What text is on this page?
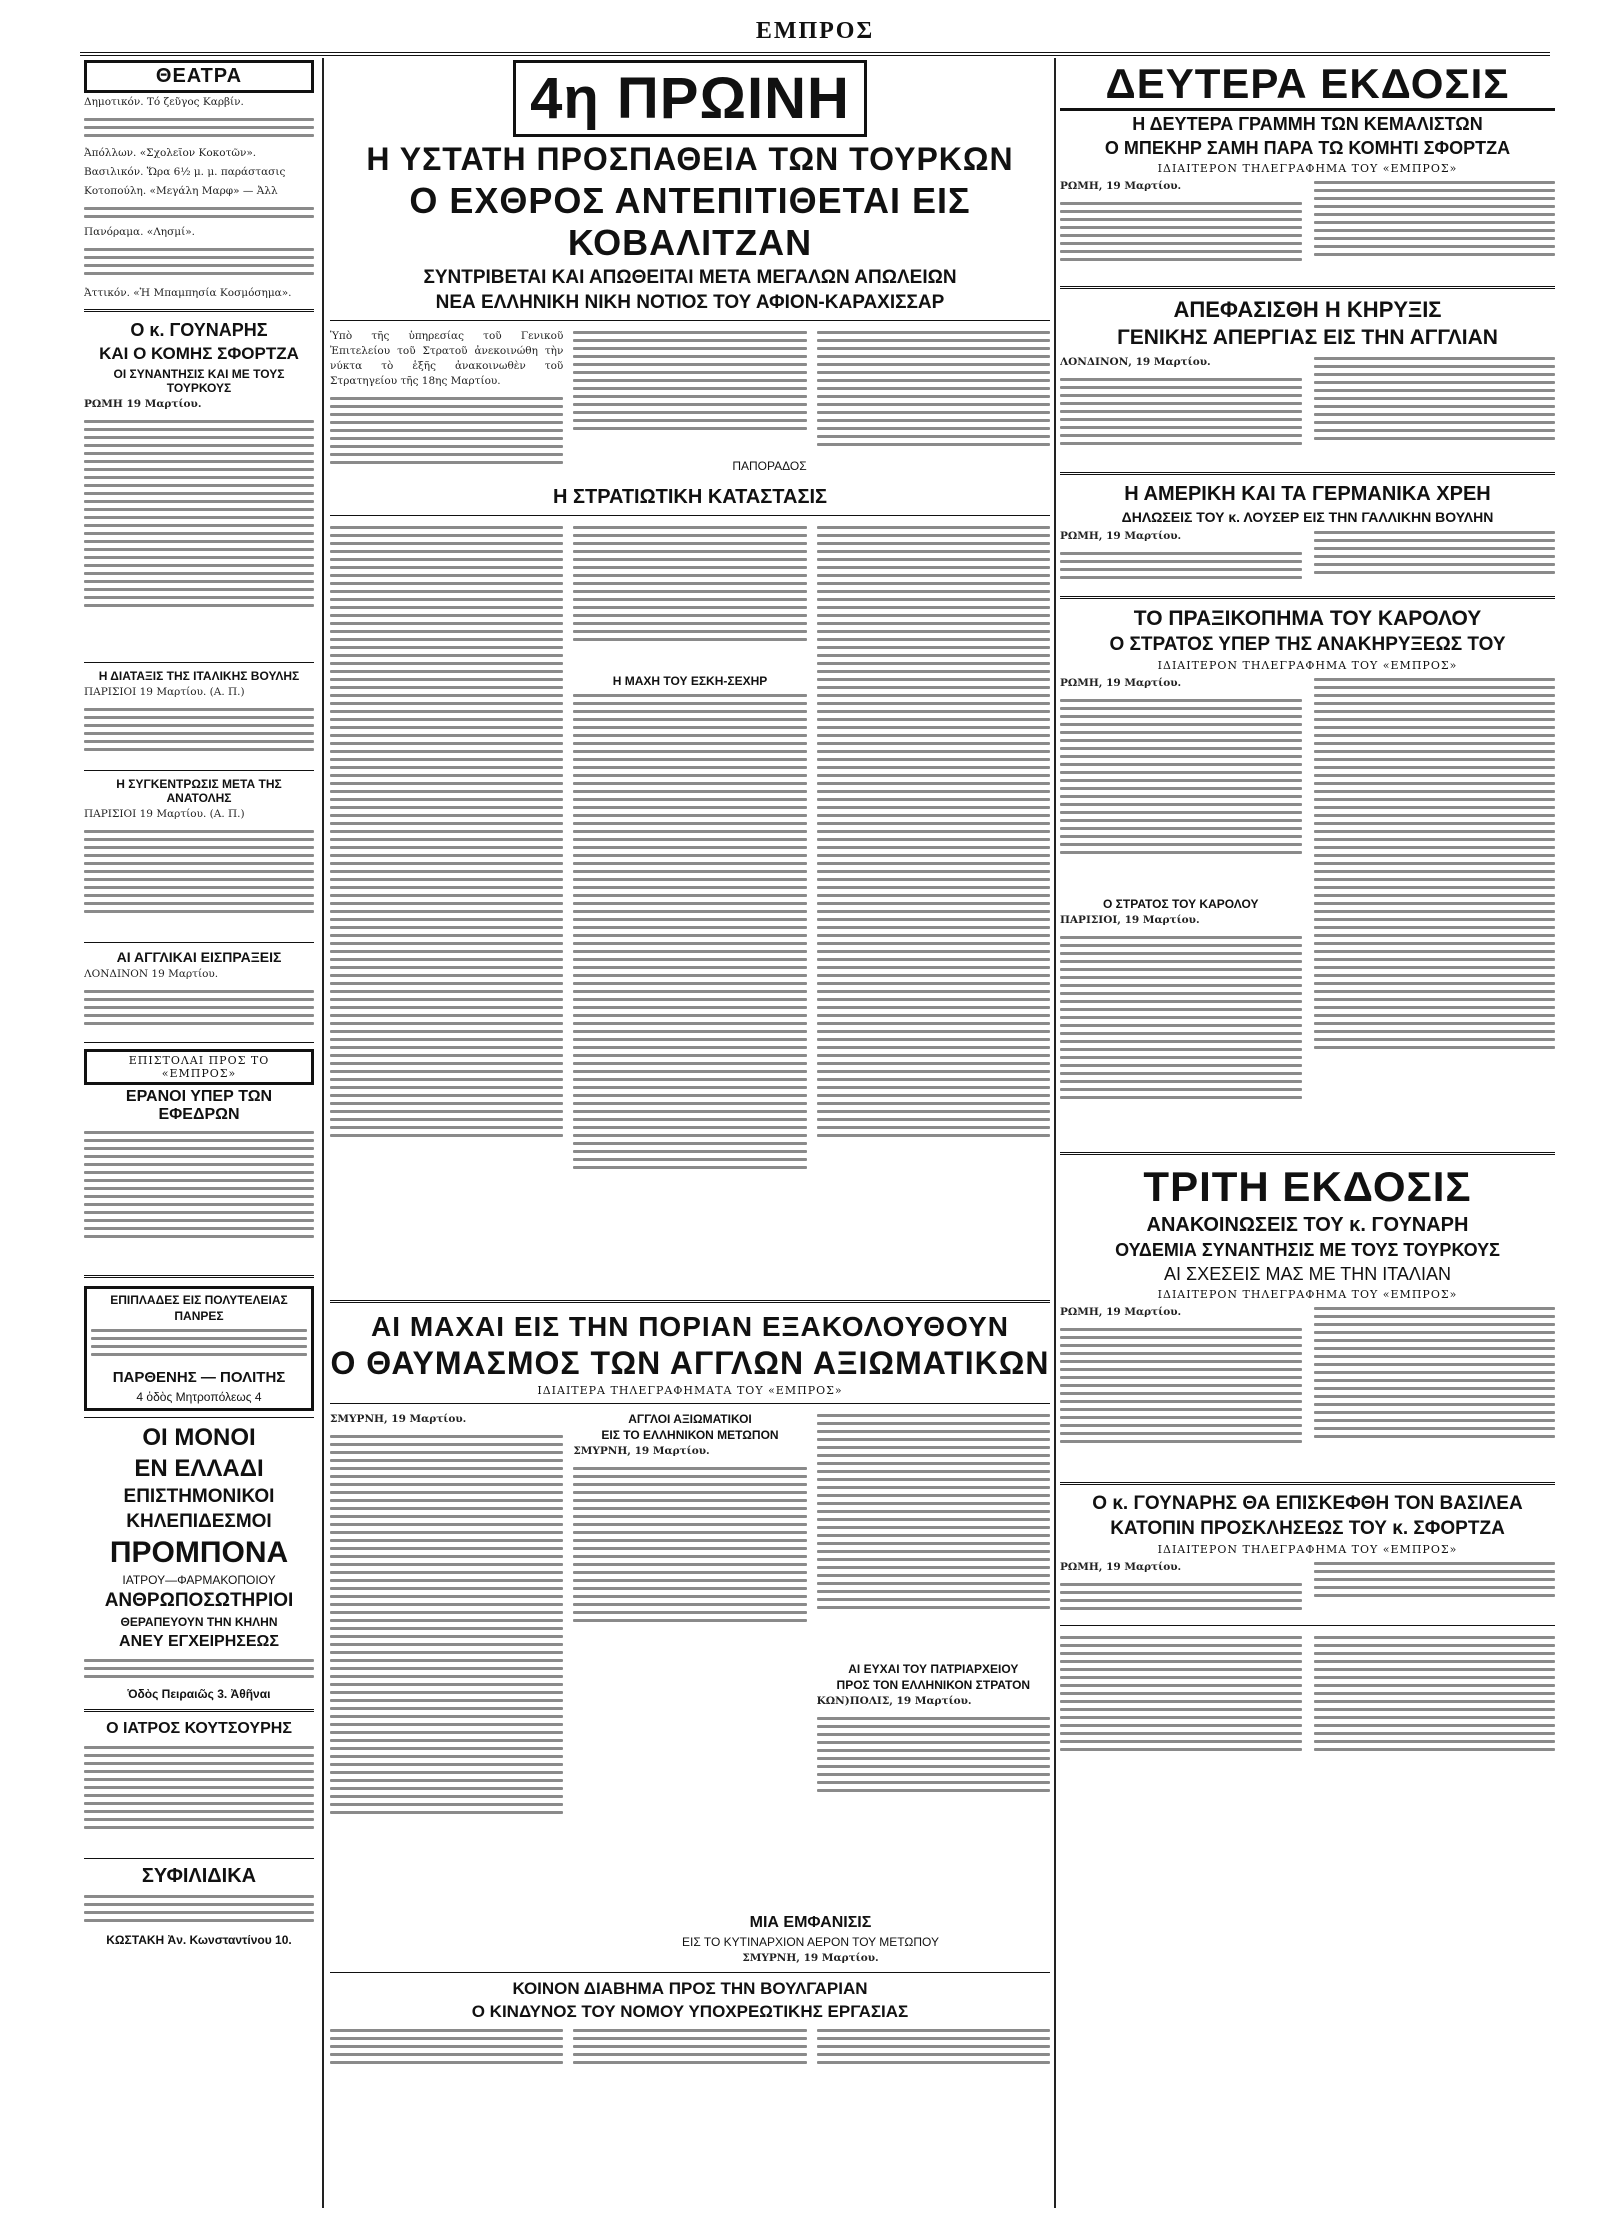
ΕΜΠΡΟΣ
ΘΕΑΤΡΑ
Δημοτικόν. Τό ζεῦγος Καρβίν.
Ἀπόλλων. «Σχολεῖον Κοκοτῶν».
Βασιλικόν. Ὥρα 6½ μ. μ. παράστασις
Κοτοπούλη. «Μεγάλη Μαρφ» — Ἀλλ
Πανόραμα. «Λησμί».
Ἀττικόν. «Ἡ Μπαμπησία Κοσμόσημα».
Ο κ. ΓΟΥΝΑΡΗΣ
ΚΑΙ Ο ΚΟΜΗΣ ΣΦΟΡΤΖΑ
ΟΙ ΣΥΝΑΝΤΗΣΙΣ ΚΑΙ ΜΕ ΤΟΥΣ ΤΟΥΡΚΟΥΣ
ΡΩΜΗ 19 Μαρτίου.
Η ΔΙΑΤΑΞΙΣ ΤΗΣ ΙΤΑΛΙΚΗΣ ΒΟΥΛΗΣ
ΠΑΡΙΣΙΟΙ 19 Μαρτίου. (Α. Π.)
Η ΣΥΓΚΕΝΤΡΩΣΙΣ ΜΕΤΑ ΤΗΣ ΑΝΑΤΟΛΗΣ
ΠΑΡΙΣΙΟΙ 19 Μαρτίου. (Α. Π.)
ΑΙ ΑΓΓΛΙΚΑΙ ΕΙΣΠΡΑΞΕΙΣ
ΛΟΝΔΙΝΟΝ 19 Μαρτίου.
ΕΠΙΣΤΟΛΑΙ ΠΡΟΣ ΤΟ «ΕΜΠΡΟΣ»
ΕΡΑΝΟΙ ΥΠΕΡ ΤΩΝ ΕΦΕΔΡΩΝ
ΕΠΙΠΛΑΔΕΣ ΕΙΣ ΠΟΛΥΤΕΛΕΙΑΣ
ΠΑΝΡΕΣ
ΠΑΡΘΕΝΗΣ — ΠΟΛΙΤΗΣ
4 ὁδὸς Μητροπόλεως 4
ΟΙ ΜΟΝΟΙ
ΕΝ ΕΛΛΑΔΙ
ΕΠΙΣΤΗΜΟΝΙΚΟΙ
ΚΗΛΕΠΙΔΕΣΜΟΙ
ΠΡΟΜΠΟΝΑ
ΙΑΤΡΟΥ—ΦΑΡΜΑΚΟΠΟΙΟΥ
ΑΝΘΡΩΠΟΣΩΤΗΡΙΟΙ
ΘΕΡΑΠΕΥΟΥΝ ΤΗΝ ΚΗΛΗΝ
ΑΝΕΥ ΕΓΧΕΙΡΗΣΕΩΣ
Ὁδὸς Πειραιῶς 3. Ἀθῆναι
Ο ΙΑΤΡΟΣ ΚΟΥΤΣΟΥΡΗΣ
ΣΥΦΙΛΙΔΙΚΑ
ΚΩΣΤΑΚΗ Ἀν. Κωνσταντίνου 10.
4η ΠΡΩΙΝΗ
Η ΥΣΤΑΤΗ ΠΡΟΣΠΑΘΕΙΑ ΤΩΝ ΤΟΥΡΚΩΝ
Ο ΕΧΘΡΟΣ ΑΝΤΕΠΙΤΙΘΕΤΑΙ ΕΙΣ ΚΟΒΑΛΙΤΖΑΝ
ΣΥΝΤΡΙΒΕΤΑΙ ΚΑΙ ΑΠΩΘΕΙΤΑΙ ΜΕΤΑ ΜΕΓΑΛΩΝ ΑΠΩΛΕΙΩΝ
ΝΕΑ ΕΛΛΗΝΙΚΗ ΝΙΚΗ ΝΟΤΙΟΣ ΤΟΥ ΑΦΙΟΝ-ΚΑΡΑΧΙΣΣΑΡ
Ὑπὸ τῆς ὑπηρεσίας τοῦ Γενικοῦ Ἐπιτελείου τοῦ Στρατοῦ ἀνεκοινώθη τὴν νύκτα τὸ ἑξῆς ἀνακοινωθὲν τοῦ Στρατηγείου τῆς 18ης Μαρτίου.
ΠΑΠΟΡΑΔΟΣ
Η ΣΤΡΑΤΙΩΤΙΚΗ ΚΑΤΑΣΤΑΣΙΣ
Η ΜΑΧΗ ΤΟΥ ΕΣΚΗ-ΣΕΧΗΡ
ΑΙ ΜΑΧΑΙ ΕΙΣ ΤΗΝ ΠΟΡΙΑΝ ΕΞΑΚΟΛΟΥΘΟΥΝ
Ο ΘΑΥΜΑΣΜΟΣ ΤΩΝ ΑΓΓΛΩΝ ΑΞΙΩΜΑΤΙΚΩΝ
ΙΔΙΑΙΤΕΡΑ ΤΗΛΕΓΡΑΦΗΜΑΤΑ ΤΟΥ «ΕΜΠΡΟΣ»
ΣΜΥΡΝΗ, 19 Μαρτίου.	ΑΓΓΛΟΙ ΑΞΙΩΜΑΤΙΚΟΙ
ΕΙΣ ΤΟ ΕΛΛΗΝΙΚΟΝ ΜΕΤΩΠΟΝ
ΣΜΥΡΝΗ, 19 Μαρτίου.
ΑΙ ΕΥΧΑΙ ΤΟΥ ΠΑΤΡΙΑΡΧΕΙΟΥ
ΠΡΟΣ ΤΟΝ ΕΛΛΗΝΙΚΟΝ ΣΤΡΑΤΟΝ
ΚΩΝ)ΠΟΛΙΣ, 19 Μαρτίου.
ΜΙΑ ΕΜΦΑΝΙΣΙΣ
ΕΙΣ ΤΟ ΚΥΤΙΝΑΡΧΙΟΝ ΑΕΡΟΝ ΤΟΥ ΜΕΤΩΠΟΥ
ΣΜΥΡΝΗ, 19 Μαρτίου.
ΚΟΙΝΟΝ ΔΙΑΒΗΜΑ ΠΡΟΣ ΤΗΝ ΒΟΥΛΓΑΡΙΑΝ
Ο ΚΙΝΔΥΝΟΣ ΤΟΥ ΝΟΜΟΥ ΥΠΟΧΡΕΩΤΙΚΗΣ ΕΡΓΑΣΙΑΣ
ΔΕΥΤΕΡΑ ΕΚΔΟΣΙΣ
Η ΔΕΥΤΕΡΑ ΓΡΑΜΜΗ ΤΩΝ ΚΕΜΑΛΙΣΤΩΝ
Ο ΜΠΕΚΗΡ ΣΑΜΗ ΠΑΡΑ ΤΩ ΚΟΜΗΤΙ ΣΦΟΡΤΖΑ
ΙΔΙΑΙΤΕΡΟΝ ΤΗΛΕΓΡΑΦΗΜΑ ΤΟΥ «ΕΜΠΡΟΣ»
ΡΩΜΗ, 19 Μαρτίου.
ΑΠΕΦΑΣΙΣΘΗ Η ΚΗΡΥΞΙΣ
ΓΕΝΙΚΗΣ ΑΠΕΡΓΙΑΣ ΕΙΣ ΤΗΝ ΑΓΓΛΙΑΝ
ΛΟΝΔΙΝΟΝ, 19 Μαρτίου.
Η ΑΜΕΡΙΚΗ ΚΑΙ ΤΑ ΓΕΡΜΑΝΙΚΑ ΧΡΕΗ
ΔΗΛΩΣΕΙΣ ΤΟΥ κ. ΛΟΥΣΕΡ ΕΙΣ ΤΗΝ ΓΑΛΛΙΚΗΝ ΒΟΥΛΗΝ
ΡΩΜΗ, 19 Μαρτίου.
ΤΟ ΠΡΑΞΙΚΟΠΗΜΑ ΤΟΥ ΚΑΡΟΛΟΥ
Ο ΣΤΡΑΤΟΣ ΥΠΕΡ ΤΗΣ ΑΝΑΚΗΡΥΞΕΩΣ ΤΟΥ
ΙΔΙΑΙΤΕΡΟΝ ΤΗΛΕΓΡΑΦΗΜΑ ΤΟΥ «ΕΜΠΡΟΣ»
ΡΩΜΗ, 19 Μαρτίου.
Ο ΣΤΡΑΤΟΣ ΤΟΥ ΚΑΡΟΛΟΥ
ΠΑΡΙΣΙΟΙ, 19 Μαρτίου.
ΤΡΙΤΗ ΕΚΔΟΣΙΣ
ΑΝΑΚΟΙΝΩΣΕΙΣ ΤΟΥ κ. ΓΟΥΝΑΡΗ
ΟΥΔΕΜΙΑ ΣΥΝΑΝΤΗΣΙΣ ΜΕ ΤΟΥΣ ΤΟΥΡΚΟΥΣ
ΑΙ ΣΧΕΣΕΙΣ ΜΑΣ ΜΕ ΤΗΝ ΙΤΑΛΙΑΝ
ΙΔΙΑΙΤΕΡΟΝ ΤΗΛΕΓΡΑΦΗΜΑ ΤΟΥ «ΕΜΠΡΟΣ»
ΡΩΜΗ, 19 Μαρτίου.
Ο κ. ΓΟΥΝΑΡΗΣ ΘΑ ΕΠΙΣΚΕΦΘΗ ΤΟΝ ΒΑΣΙΛΕΑ
ΚΑΤΟΠΙΝ ΠΡΟΣΚΛΗΣΕΩΣ ΤΟΥ κ. ΣΦΟΡΤΖΑ
ΙΔΙΑΙΤΕΡΟΝ ΤΗΛΕΓΡΑΦΗΜΑ ΤΟΥ «ΕΜΠΡΟΣ»
ΡΩΜΗ, 19 Μαρτίου.
